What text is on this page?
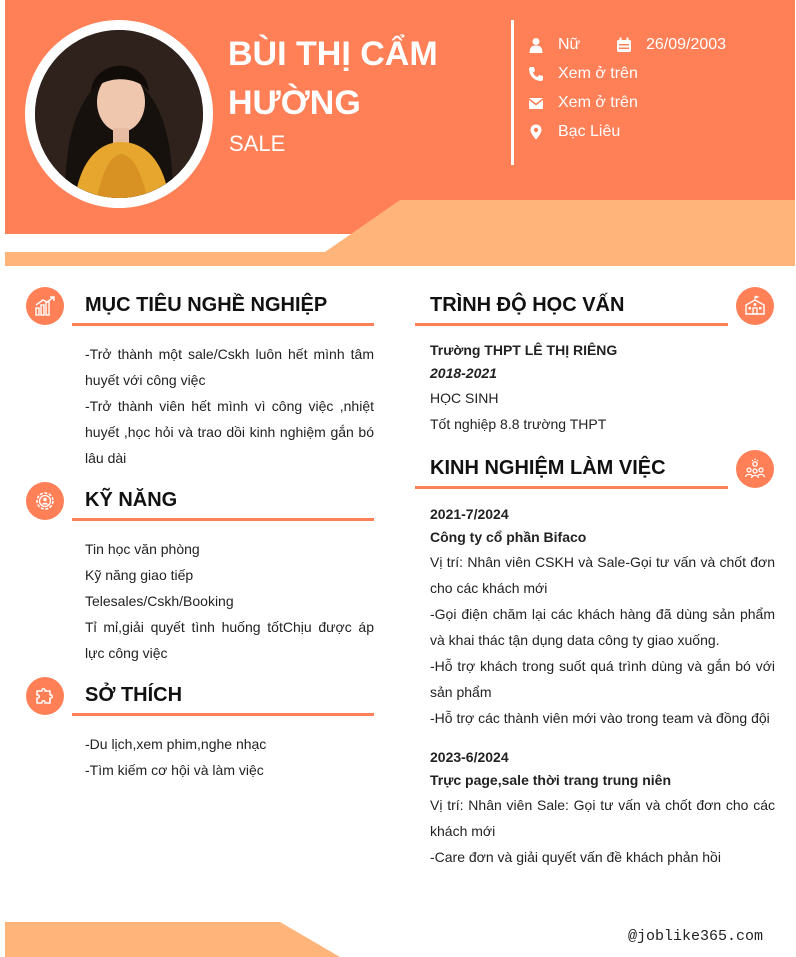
BÙI THỊ CẨM HƯỜNG
SALE
Nữ	26/09/2003
Xem ở trên
Xem ở trên
Bạc Liêu
MỤC TIÊU NGHỀ NGHIỆP

-Trở thành một sale/Cskh luôn hết mình tâm huyết với công việc

-Trở thành viên hết mình vì công việc ,nhiệt huyết ,học hỏi và trao dồi kinh nghiệm gắn bó lâu dài

KỸ NĂNG

Tin học văn phòng

Kỹ năng giao tiếp

Telesales/Cskh/Booking

Tỉ mỉ,giải quyết tình huống tốtChịu được áp lực công việc

SỞ THÍCH

-Du lịch,xem phim,nghe nhạc

-Tìm kiếm cơ hội và làm việc

TRÌNH ĐỘ HỌC VẤN

Trường THPT LÊ THỊ RIÊNG

2018-2021

HỌC SINH

Tốt nghiệp 8.8 trường THPT

KINH NGHIỆM LÀM VIỆC

2021-7/2024

Công ty cổ phần Bifaco

Vị trí: Nhân viên CSKH và Sale-Gọi tư vấn và chốt đơn cho các khách mới

-Gọi điện chăm lại các khách hàng đã dùng sản phẩm và khai thác tận dụng data công ty giao xuống.

-Hỗ trợ khách trong suốt quá trình dùng và gắn bó với sản phẩm

-Hỗ trợ các thành viên mới vào trong team và đồng đội

2023-6/2024

Trực page,sale thời trang trung niên

Vị trí: Nhân viên Sale: Gọi tư vấn và chốt đơn cho các khách mới

-Care đơn và giải quyết vấn đề khách phản hồi

@joblike365.com
